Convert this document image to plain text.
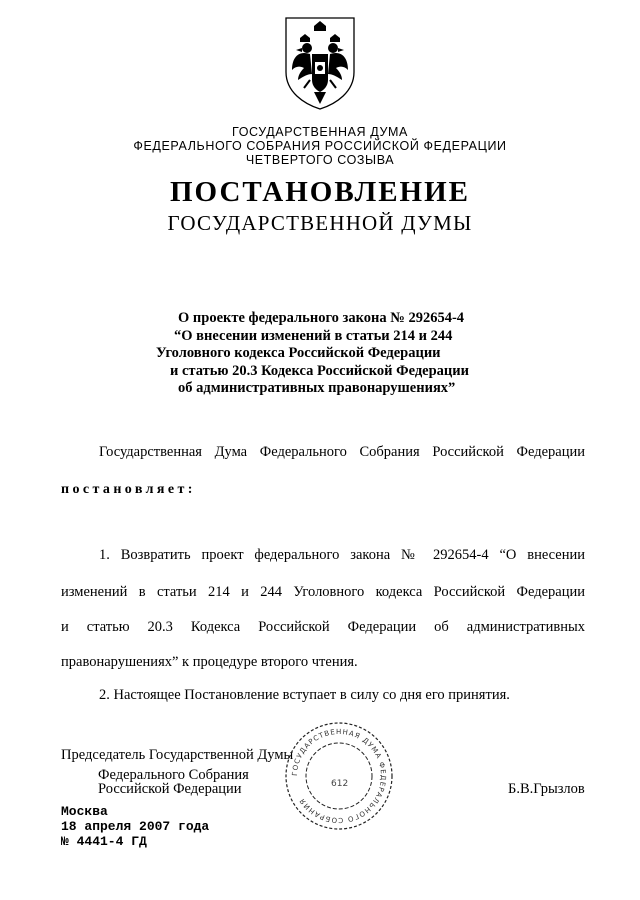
ГОСУДАРСТВЕННАЯ ДУМА
ФЕДЕРАЛЬНОГО СОБРАНИЯ РОССИЙСКОЙ ФЕДЕРАЦИИ
ЧЕТВЕРТОГО СОЗЫВА
ПОСТАНОВЛЕНИЕ
ГОСУДАРСТВЕННОЙ ДУМЫ
О проекте федерального закона № 292654-4
“О внесении изменений в статьи 214 и 244
Уголовного кодекса Российской Федерации
и статью 20.3 Кодекса Российской Федерации
об административных правонарушениях”
Государственная Дума Федерального Собрания Российской Федерации
постановляет:
1. Возвратить проект федерального закона № 292654-4 “О внесении
изменений в статьи 214 и 244 Уголовного кодекса Российской Федерации
и статью 20.3 Кодекса Российской Федерации об административных
правонарушениях” к процедуре второго чтения.
2. Настоящее Постановление вступает в силу со дня его принятия.
Председатель Государственной Думы
Федерального Собрания
Российской Федерации	Б.В.Грызлов
ГОСУДАРСТВЕННАЯ ДУМА ФЕДЕРАЛЬНОГО СОБРАНИЯ
612
Москва
18 апреля 2007 года
№ 4441-4 ГД
